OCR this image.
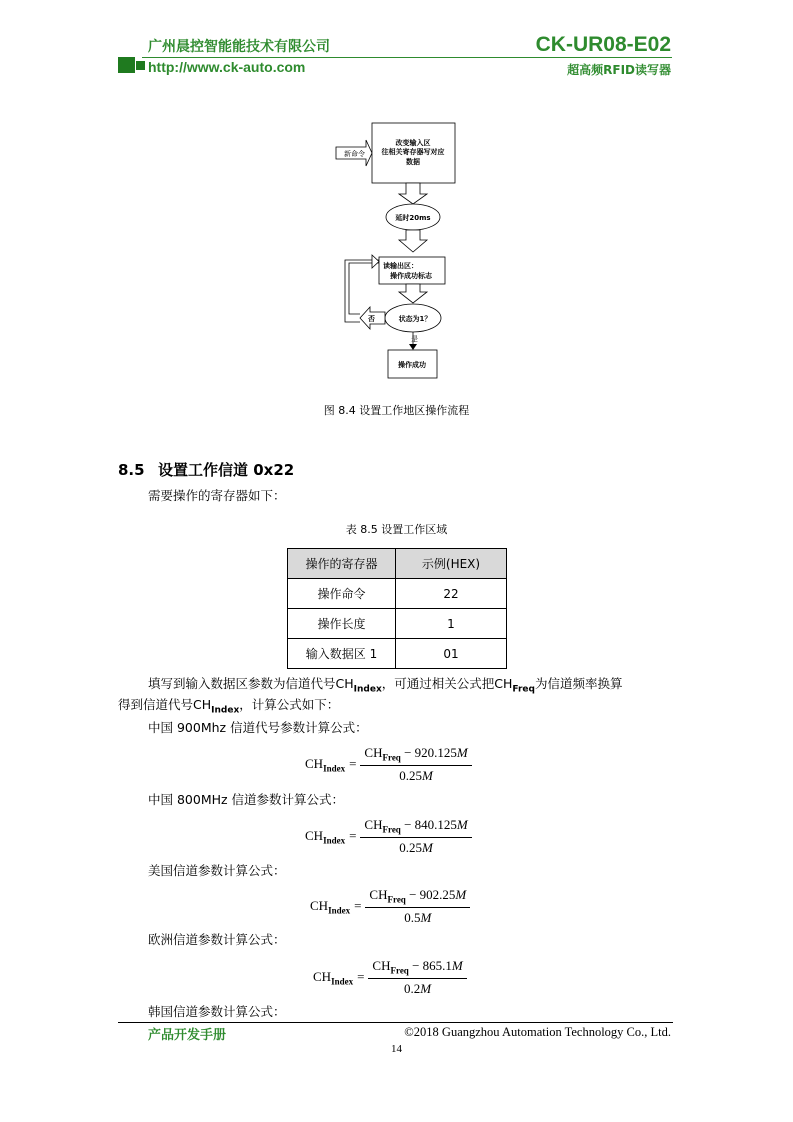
广州晨控智能能技术有限公司
http://www.ck-auto.com
CK-UR08-E02
超高频RFID读写器
新命令
改变输入区
往相关寄存器写对应
数据
延时20ms
读输出区：
操作成功标志
状态为1？
否
是
操作成功
图 8.4 设置工作地区操作流程
8.5 设置工作信道 0x22
需要操作的寄存器如下：
表 8.5 设置工作区域
操作的寄存器	示例(HEX)
操作命令	22
操作长度	1
输入数据区 1	01
填写到输入数据区参数为信道代号$CH_{Index}$，可通过相关公式把$CH_{Freq}$为信道频率换算
得到信道代号$CH_{Index}$，计算公式如下：
中国 900Mhz 信道代号参数计算公式：
$CH_{Index} = \frac{CH_{Freq} - 920.125M}{0.25M}$
中国 800MHz 信道参数计算公式：
$CH_{Index} = \frac{CH_{Freq} - 840.125M}{0.25M}$
美国信道参数计算公式：
$CH_{Index} = \frac{CH_{Freq} - 902.25M}{0.5M}$
欧洲信道参数计算公式：
$CH_{Index} = \frac{CH_{Freq} - 865.1M}{0.2M}$
韩国信道参数计算公式：
产品开发手册	©2018 Guangzhou Automation Technology Co., Ltd.
14
